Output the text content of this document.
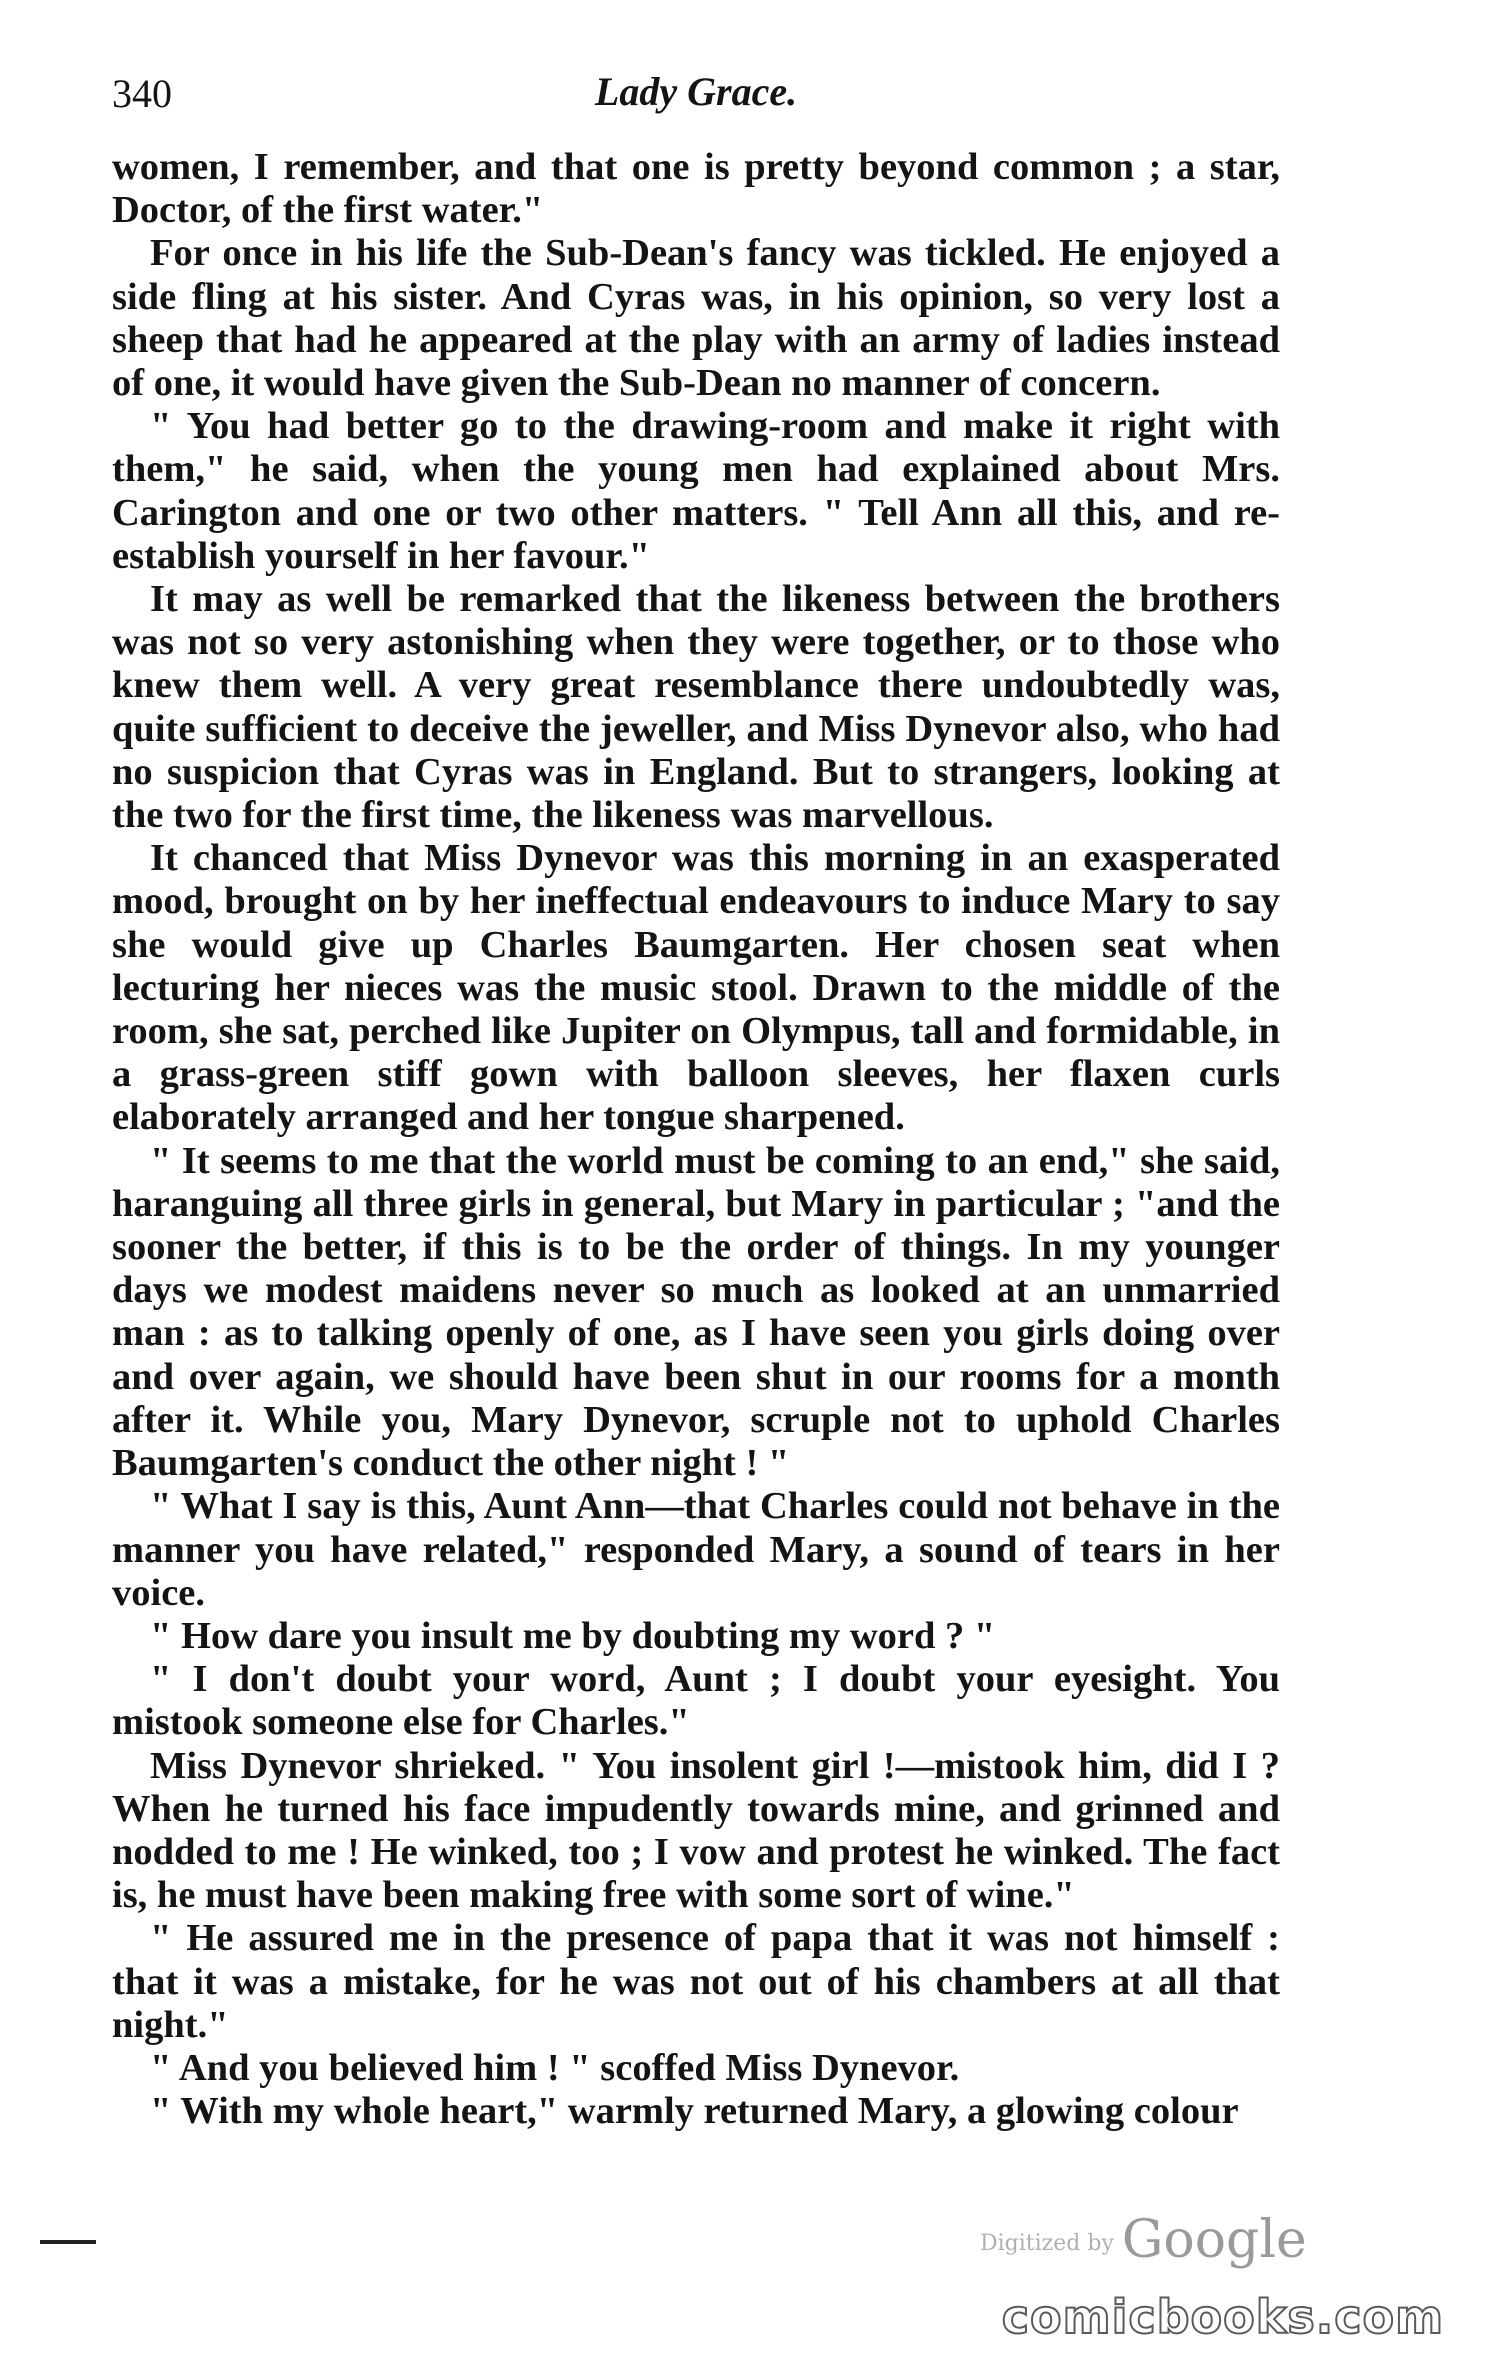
340	Lady Grace.

women, I remember, and that one is pretty beyond common ; a star, Doctor, of the first water."

For once in his life the Sub-Dean's fancy was tickled. He enjoyed a side fling at his sister. And Cyras was, in his opinion, so very lost a sheep that had he appeared at the play with an army of ladies instead of one, it would have given the Sub-Dean no manner of concern.

" You had better go to the drawing-room and make it right with them," he said, when the young men had explained about Mrs. Carington and one or two other matters. " Tell Ann all this, and re-establish yourself in her favour."

It may as well be remarked that the likeness between the brothers was not so very astonishing when they were together, or to those who knew them well. A very great resemblance there undoubtedly was, quite sufficient to deceive the jeweller, and Miss Dynevor also, who had no suspicion that Cyras was in England. But to strangers, looking at the two for the first time, the likeness was marvellous.

It chanced that Miss Dynevor was this morning in an exasperated mood, brought on by her ineffectual endeavours to induce Mary to say she would give up Charles Baumgarten. Her chosen seat when lecturing her nieces was the music stool. Drawn to the middle of the room, she sat, perched like Jupiter on Olympus, tall and formidable, in a grass-green stiff gown with balloon sleeves, her flaxen curls elaborately arranged and her tongue sharpened.

" It seems to me that the world must be coming to an end," she said, haranguing all three girls in general, but Mary in particular ; "and the sooner the better, if this is to be the order of things. In my younger days we modest maidens never so much as looked at an unmarried man : as to talking openly of one, as I have seen you girls doing over and over again, we should have been shut in our rooms for a month after it. While you, Mary Dynevor, scruple not to uphold Charles Baumgarten's conduct the other night ! "

" What I say is this, Aunt Ann—that Charles could not behave in the manner you have related," responded Mary, a sound of tears in her voice.

" How dare you insult me by doubting my word ? "

" I don't doubt your word, Aunt ; I doubt your eyesight. You mistook someone else for Charles."

Miss Dynevor shrieked. " You insolent girl !—mistook him, did I ? When he turned his face impudently towards mine, and grinned and nodded to me ! He winked, too ; I vow and protest he winked. The fact is, he must have been making free with some sort of wine."

" He assured me in the presence of papa that it was not himself : that it was a mistake, for he was not out of his chambers at all that night."

" And you believed him ! " scoffed Miss Dynevor.

" With my whole heart," warmly returned Mary, a glowing colour

Digitized by Google
comicbooks.com
